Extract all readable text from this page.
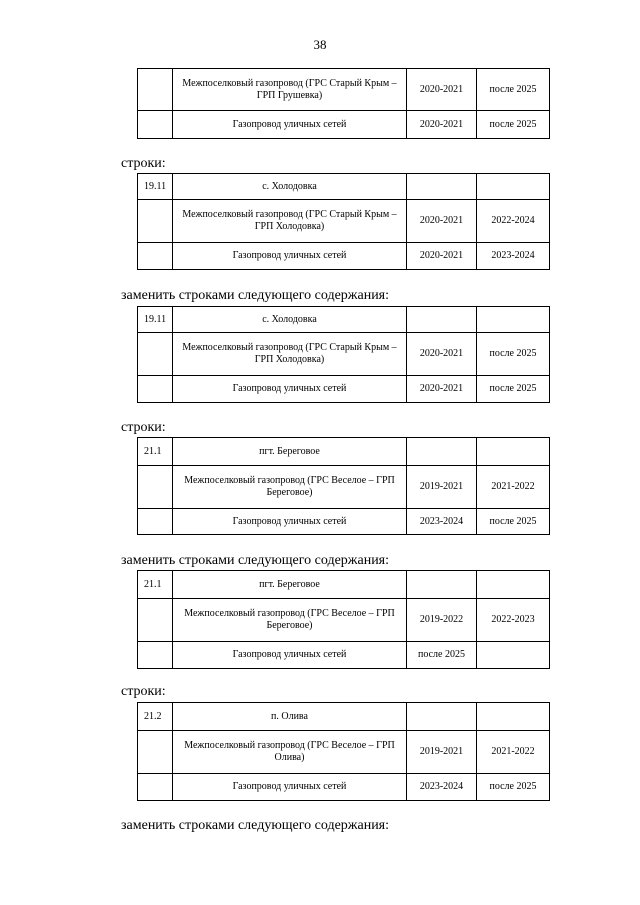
38
	Межпоселковый газопровод (ГРС Старый Крым – ГРП Грушевка)	2020-2021	после 2025
	Газопровод уличных сетей	2020-2021	после 2025
строки:
19.11	с. Холодовка		
	Межпоселковый газопровод (ГРС Старый Крым – ГРП Холодовка)	2020-2021	2022-2024
	Газопровод уличных сетей	2020-2021	2023-2024
заменить строками следующего содержания:
19.11	с. Холодовка		
	Межпоселковый газопровод (ГРС Старый Крым – ГРП Холодовка)	2020-2021	после 2025
	Газопровод уличных сетей	2020-2021	после 2025
строки:
21.1	пгт. Береговое		
	Межпоселковый газопровод (ГРС Веселое – ГРП Береговое)	2019-2021	2021-2022
	Газопровод уличных сетей	2023-2024	после 2025
заменить строками следующего содержания:
21.1	пгт. Береговое		
	Межпоселковый газопровод (ГРС Веселое – ГРП Береговое)	2019-2022	2022-2023
	Газопровод уличных сетей	после 2025	
строки:
21.2	п. Олива		
	Межпоселковый газопровод (ГРС Веселое – ГРП Олива)	2019-2021	2021-2022
	Газопровод уличных сетей	2023-2024	после 2025
заменить строками следующего содержания:
